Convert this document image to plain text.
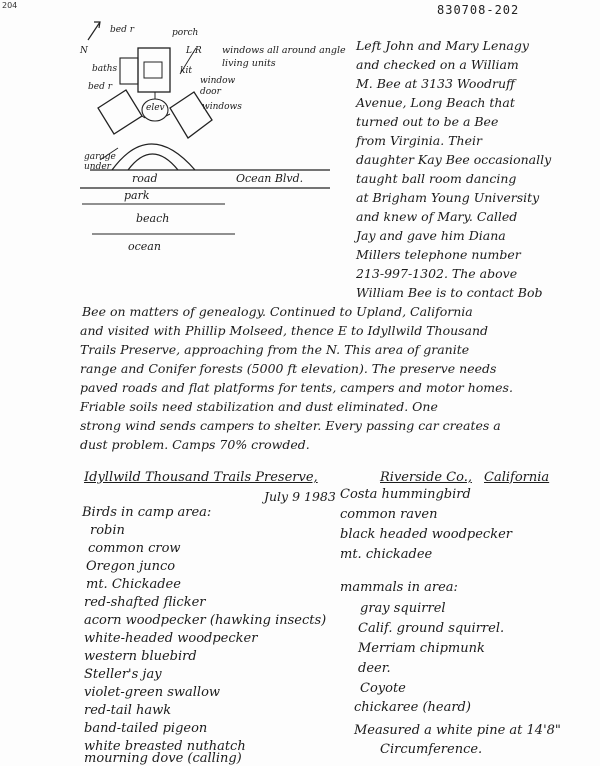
204	830708-202
bed r	porch
N
baths
L.R
kit
bed r
window
door
elev	windows
windows all around angle living units
garage under
road	Ocean Blvd.
park
beach
ocean
Left John and Mary Lenagy
and checked on a William
M. Bee at 3133 Woodruff
Avenue, Long Beach that
turned out to be a Bee
from Virginia. Their
daughter Kay Bee occasionally
taught ball room dancing
at Brigham Young University
and knew of Mary. Called
Jay and gave him Diana
Millers telephone number
213-997-1302. The above
William Bee is to contact Bob
Bee on matters of genealogy. Continued to Upland, California
and visited with Phillip Molseed, thence E to Idyllwild Thousand
Trails Preserve, approaching from the N. This area of granite
range and Conifer forests (5000 ft elevation). The preserve needs
paved roads and flat platforms for tents, campers and motor homes.
Friable soils need stabilization and dust eliminated. One
strong wind sends campers to shelter. Every passing car creates a
dust problem. Camps 70% crowded.
Idyllwild Thousand Trails Preserve,	Riverside Co., California
July 9 1983
Birds in camp area:
robin
common crow
Oregon junco
mt. Chickadee
red-shafted flicker
acorn woodpecker (hawking insects)
white-headed woodpecker
western bluebird
Steller's jay
violet-green swallow
red-tail hawk
band-tailed pigeon
white breasted nuthatch
mourning dove (calling)
Costa hummingbird
common raven
black headed woodpecker
mt. chickadee
mammals in area:
gray squirrel
Calif. ground squirrel.
Merriam chipmunk
deer.
Coyote
chickaree (heard)
Measured a white pine at 14'8"
Circumference.
